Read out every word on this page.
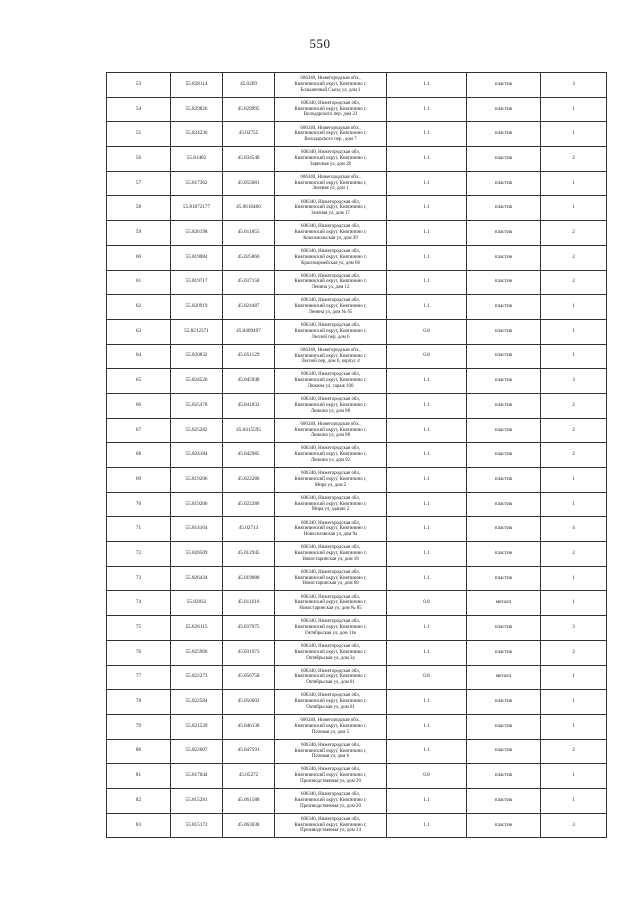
550
53	55.828114	45.0269	606340, Нижегородская обл.,
Княгининский округ, Княгинино г,
Большечный Съезд ул, дом 1	1.1	пластик	3
54	55.829826	45.029995	606340, Нижегородская обл,
Княгининский округ, Княгинино г,
Володарского пер. дом 23	1.1	пластик	1
55	55.824236	45.02755	606340, Нижегородская обл.,
Княгининский округ, Княгинино г,
Володарского пер., дом 7	1.1	пластик	1
56	55.81482	45.034548	606340, Нижегородская обл,
Княгининский округ, Княгинино г,
Заречная ул, дом 28	1.1	пластик	2
57	55.817362	45.055081	606340, Нижегородская обл.,
Княгининский округ, Княгинино г,
Зеленая ул, дом 1	1.1	пластик	1
58	55.81872177	45.0610466	606340, Нижегородская обл,
Княгининский округ, Княгинино г,
Зеленая ул, дом 17	1.1	пластик	1
59	55.826198	45.011855	606340, Нижегородская обл,
Княгининский округ, Княгинино г,
Комсомольская ул, дом 39	1.1	пластик	2
60	55.819084	45.025866	606340, Нижегородская обл,
Княгининский округ, Княгинино г,
Красноармейская ул, дом 66	1.1	пластик	2
61	55.819717	45.037158	606340, Нижегородская обл,
Княгининский округ, Княгинино г,
Ленина ул, дом 12	1.1	пластик	2
62	55.820919	45.024487	606340, Нижегородская обл,
Княгининский округ, Княгинино г,
Ленина ул, дом № 65	1.1	пластик	1
63	55.8212371	45.0469497	606340, Нижегородская обл,
Княгининский округ, Княгинино г,
Лесной пер, дом 6	0.8	пластик	1
64	55.820832	45.051129	606340, Нижегородская обл.,
Княгининский округ, Княгинино г,
Лесной пер, дом 6, корпус 4	0.8	пластик	1
65	55.824526	45.045948	606340, Нижегородская обл,
Княгининский округ, Княгинино г,
Люкина ул, гараж 100	1.1	пластик	3
66	55.825478	45.041832	606340, Нижегородская обл,
Княгининский округ, Княгинино г,
Люкина ул, дом 88	1.1	пластик	2
67	55.825282	45.0415595	606340, Нижегородская обл.,
Княгининский округ, Княгинино г,
Люкина ул, дом 88	1.1	пластик	2
68	55.824184	45.042985	606340, Нижегородская обл,
Княгининский округ, Княгинино г,
Люкина ул, дом 92	1.1	пластик	2
69	55.819206	45.022286	606340, Нижегородская обл,
Княгининский округ, Княгинино г,
Мира ул, дом 2	1.1	пластик	1
70	55.819206	45.022286	606340, Нижегородская обл,
Княгининский округ, Княгинино г,
Мира ул, здание 2	1.1	пластик	1
71	55.814164	45.02713	606340, Нижегородская обл,
Княгининский округ, Княгинино г,
Новоселовская ул, дом 9а	1.1	пластик	4
72	55.820509	45.012945	606340, Нижегородская обл,
Княгининский округ, Княгинино г,
Новостаринская ул, дом 18	1.1	пластик	2
73	55.826434	45.019088	606340, Нижегородская обл,
Княгининский округ, Княгинино г,
Новостаринская ул, дом 68	1.1	пластик	1
74	55.82832	45.011616	606340, Нижегородская обл,
Княгининский округ, Княгинино г,
Новостаринская ул, дом № 85	0.8	металл	1
75	55.826115	45.037075	606340, Нижегородская обл,
Княгининский округ, Княгинино г,
Октябрьская ул, дом 11в	1.1	пластик	3
76	55.825966	45.031973	606340, Нижегородская обл,
Княгининский округ, Княгинино г,
Октябрьская ул, дом 3а	1.1	пластик	2
77	55.822273	45.056758	606340, Нижегородская обл,
Княгининский округ, Княгинино г,
Октябрьская ул, дом 61	0.8	металл	1
78	55.822584	45.056602	606340, Нижегородская обл,
Княгининский округ, Княгинино г,
Октябрьская ул, дом 61	1.1	пластик	1
79	55.821539	45.046138	606340, Нижегородская обл.,
Княгининский округ, Княгинино г,
Полевая ул, дом 5	1.1	пластик	1
80	55.822007	45.047591	606340, Нижегородская обл,
Княгининский округ, Княгинино г,
Полевая ул, дом 6	1.1	пластик	2
81	55.817044	45.05272	606340, Нижегородская обл,
Княгининский округ, Княгинино г,
Производственная ул, дом 20	0.8	пластик	1
82	55.815281	45.061588	606340, Нижегородская обл,
Княгининский округ, Княгинино г,
Производственная ул, дом 20	1.1	пластик	1
83	55.815172	45.063038	606340, Нижегородская обл,
Княгининский округ, Княгинино г,
Производственная ул, дом 24	1.1	пластик	3
